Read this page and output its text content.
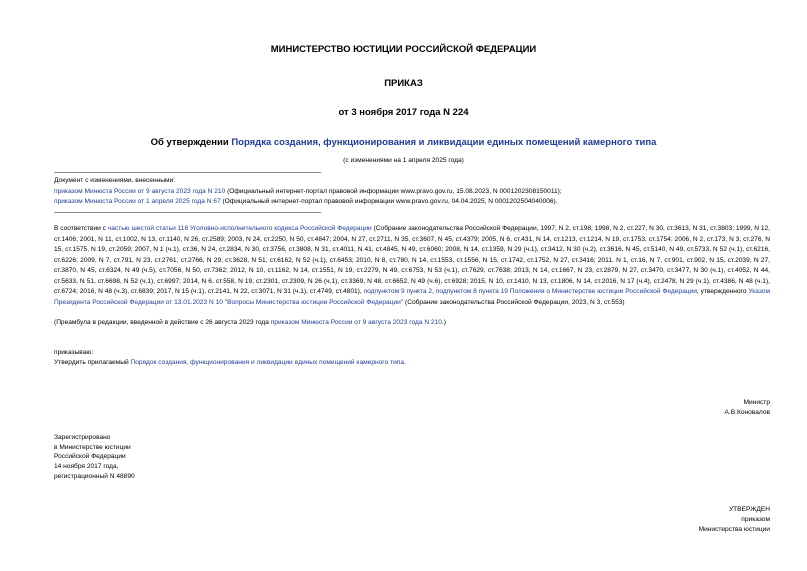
МИНИСТЕРСТВО ЮСТИЦИИ РОССИЙСКОЙ ФЕДЕРАЦИИ
ПРИКАЗ
от 3 ноября 2017 года N 224
Об утверждении Порядка создания, функционирования и ликвидации единых помещений камерного типа
(с изменениями на 1 апреля 2025 года)
Документ с изменениями, внесенными:
приказом Минюста России от 9 августа 2023 года N 210 (Официальный интернет-портал правовой информации www.pravo.gov.ru, 15.08.2023, N 0001202308150011);
приказом Минюста России от 1 апреля 2025 года N 67 (Официальный интернет-портал правовой информации www.pravo.gov.ru, 04.04.2025, N 0001202504040006).
В соответствии с частью шестой статьи 118 Уголовно-исполнительного кодекса Российской Федерации (Собрание законодательства Российской Федерации, 1997, N 2, ст.198; 1998, N 2, ст.227, N 30, ст.3613, N 31, ст.3803; 1999, N 12, ст.1406; 2001, N 11, ст.1002, N 13, ст.1140, N 26, ст.2589; 2003, N 24, ст.2250, N 50, ст.4847; 2004, N 27, ст.2711, N 35, ст.3607, N 45, ст.4379; 2005, N 6, ст.431, N 14, ст.1213, ст.1214, N 19, ст.1753, ст.1754; 2006, N 2, ст.173, N 3, ст.276, N 15, ст.1575, N 19, ст.2059; 2007, N 1 (ч.1), ст.36, N 24, ст.2834, N 30, ст.3756, ст.3808, N 31, ст.4011, N 41, ст.4845, N 49, ст.6060; 2008, N 14, ст.1359, N 29 (ч.1), ст.3412, N 30 (ч.2), ст.3616, N 45, ст.5140, N 49, ст.5733, N 52 (ч.1), ст.6216, ст.6226; 2009, N 7, ст.791, N 23, ст.2761, ст.2766, N 29, ст.3628, N 51, ст.6162, N 52 (ч.1), ст.6453; 2010, N 8, ст.780, N 14, ст.1553, ст.1556, N 15, ст.1742, ст.1752, N 27, ст.3416; 2011, N 1, ст.16, N 7, ст.901, ст.902, N 15, ст.2039, N 27, ст.3870, N 45, ст.6324, N 49 (ч.5), ст.7056, N 50, ст.7362; 2012, N 10, ст.1162, N 14, ст.1551, N 19, ст.2279, N 49, ст.6753, N 53 (ч.1), ст.7629, ст.7638; 2013, N 14, ст.1667, N 23, ст.2879, N 27, ст.3470, ст.3477, N 30 (ч.1), ст.4052, N 44, ст.5633, N 51, ст.6698, N 52 (ч.1), ст.6997; 2014, N 6, ст.558, N 19, ст.2301, ст.2309, N 26 (ч.1), ст.3369, N 48, ст.6652, N 49 (ч.6), ст.6928; 2015, N 10, ст.1410, N 13, ст.1806, N 14, ст.2016, N 17 (ч.4), ст.2478, N 29 (ч.1), ст.4386, N 48 (ч.1), ст.6724; 2016, N 48 (ч.3), ст.6839; 2017, N 15 (ч.1), ст.2141, N 22, ст.3071, N 31 (ч.1), ст.4749, ст.4801), подпунктом 9 пункта 2, подпунктом 8 пункта 19 Положения о Министерстве юстиции Российской Федерации, утвержденного Указом Президента Российской Федерации от 13.01.2023 N 10 "Вопросы Министерства юстиции Российской Федерации" (Собрание законодательства Российской Федерации, 2023, N 3, ст.553)
(Преамбула в редакции, введенной в действие с 26 августа 2023 года приказом Минюста России от 9 августа 2023 года N 210.)
приказываю:
Утвердить прилагаемый Порядок создания, функционирования и ликвидации единых помещений камерного типа.
Министр
А.В.Коновалов
Зарегистрировано
в Министерстве юстиции
Российской Федерации
14 ноября 2017 года,
регистрационный N 48890
УТВЕРЖДЕН
приказом
Министерства юстиции
